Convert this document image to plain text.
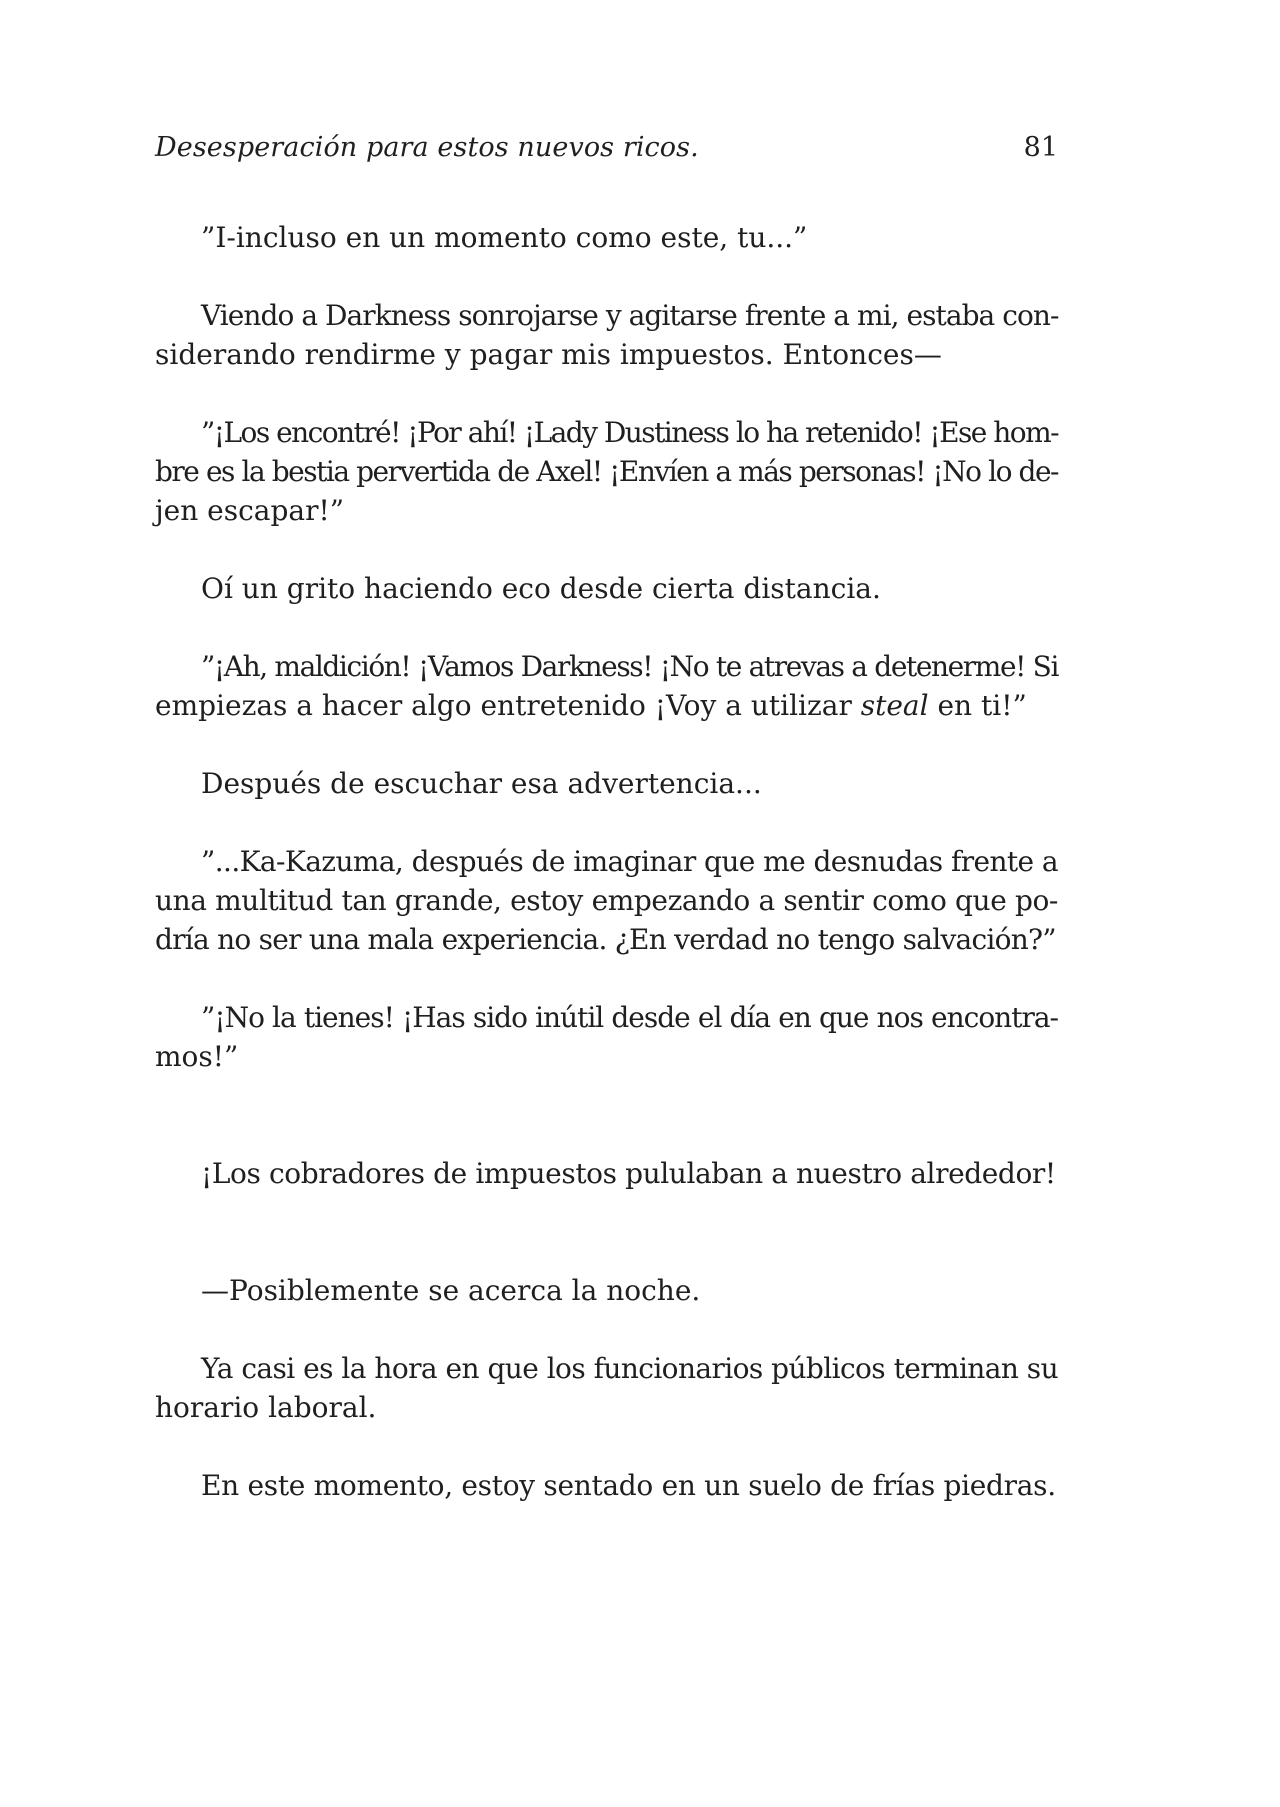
Desesperación para estos nuevos ricos.	81
”I-incluso en un momento como este, tu...”
Viendo a Darkness sonrojarse y agitarse frente a mi, estaba con-
siderando rendirme y pagar mis impuestos. Entonces—
”¡Los encontré! ¡Por ahí! ¡Lady Dustiness lo ha retenido! ¡Ese hom-
bre es la bestia pervertida de Axel! ¡Envíen a más personas! ¡No lo de-
jen escapar!”
Oí un grito haciendo eco desde cierta distancia.
”¡Ah, maldición! ¡Vamos Darkness! ¡No te atrevas a detenerme! Si
empiezas a hacer algo entretenido ¡Voy a utilizar steal en ti!”
Después de escuchar esa advertencia...
”...Ka-Kazuma, después de imaginar que me desnudas frente a
una multitud tan grande, estoy empezando a sentir como que po-
dría no ser una mala experiencia. ¿En verdad no tengo salvación?”
”¡No la tienes! ¡Has sido inútil desde el día en que nos encontra-
mos!”
¡Los cobradores de impuestos pululaban a nuestro alrededor!
—Posiblemente se acerca la noche.
Ya casi es la hora en que los funcionarios públicos terminan su
horario laboral.
En este momento, estoy sentado en un suelo de frías piedras.
